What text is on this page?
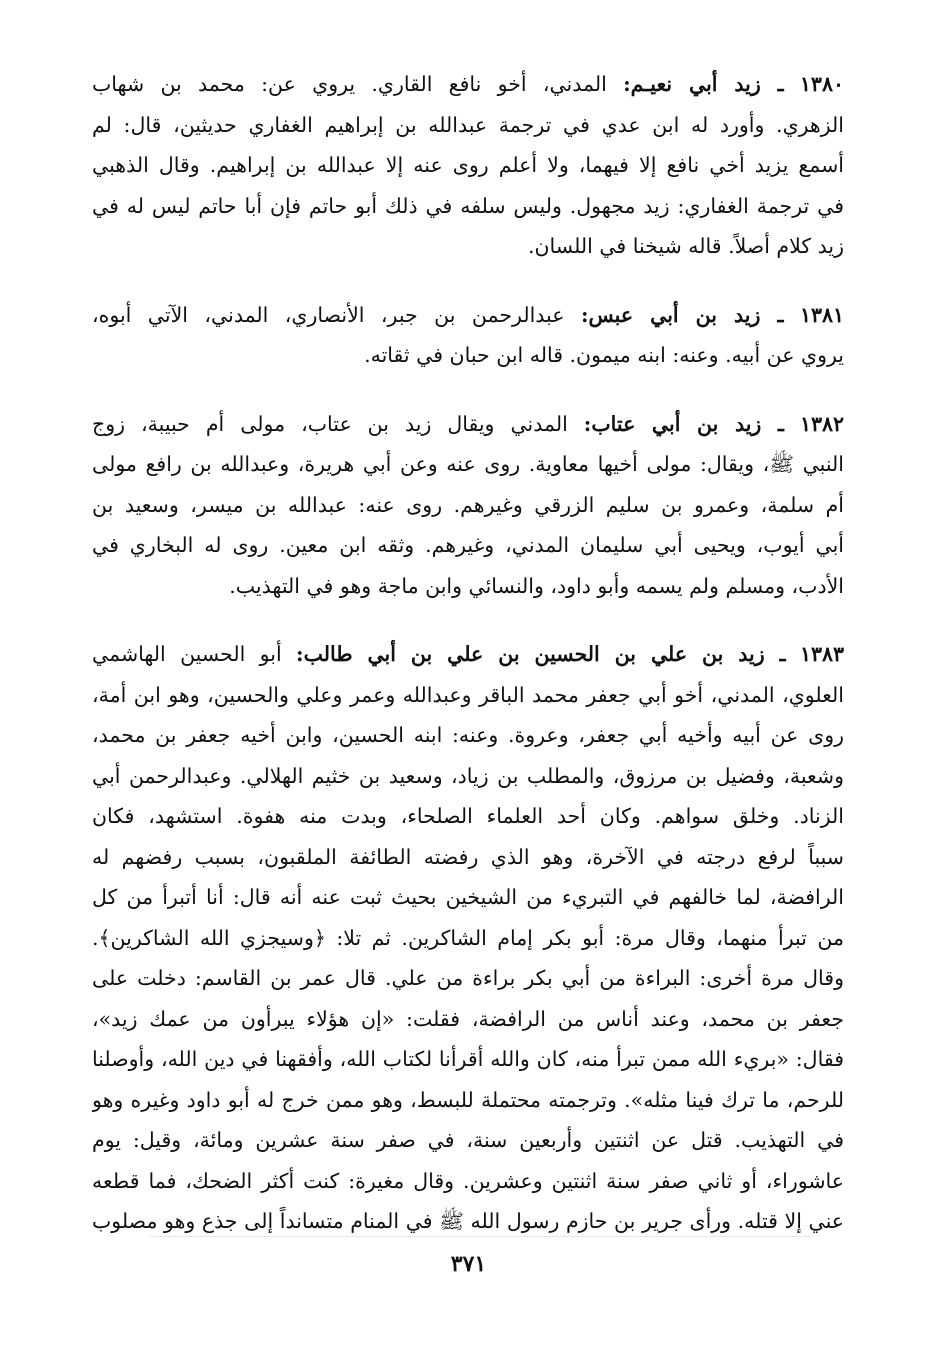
١٣٨٠ ـ زيد أبي نعيـم: المدني، أخو نافع القاري. يروي عن: محمد بن شهاب
الزهري. وأورد له ابن عدي في ترجمة عبدالله بن إبراهيم الغفاري حديثين، قال: لم
أسمع يزيد أخي نافع إلا فيهما، ولا أعلم روى عنه إلا عبدالله بن إبراهيم. وقال الذهبي
في ترجمة الغفاري: زيد مجهول. وليس سلفه في ذلك أبو حاتم فإن أبا حاتم ليس له في
زيد كلام أصلاً. قاله شيخنا في اللسان.
١٣٨١ ـ زيد بن أبي عبس: عبدالرحمن بن جبر، الأنصاري، المدني، الآتي أبوه،
يروي عن أبيه. وعنه: ابنه ميمون. قاله ابن حبان في ثقاته.
١٣٨٢ ـ زيد بن أبي عتاب: المدني ويقال زيد بن عتاب، مولى أم حبيبة، زوج
النبي ﷺ، ويقال: مولى أخيها معاوية. روى عنه وعن أبي هريرة، وعبدالله بن رافع مولى
أم سلمة، وعمرو بن سليم الزرقي وغيرهم. روى عنه: عبدالله بن ميسر، وسعيد بن
أبي أيوب، ويحيى أبي سليمان المدني، وغيرهم. وثقه ابن معين. روى له البخاري في
الأدب، ومسلم ولم يسمه وأبو داود، والنسائي وابن ماجة وهو في التهذيب.
١٣٨٣ ـ زيد بن علي بن الحسين بن علي بن أبي طالب: أبو الحسين الهاشمي
العلوي، المدني، أخو أبي جعفر محمد الباقر وعبدالله وعمر وعلي والحسين، وهو ابن أمة،
روى عن أبيه وأخيه أبي جعفر، وعروة. وعنه: ابنه الحسين، وابن أخيه جعفر بن محمد،
وشعبة، وفضيل بن مرزوق، والمطلب بن زياد، وسعيد بن خثيم الهلالي. وعبدالرحمن أبي
الزناد. وخلق سواهم. وكان أحد العلماء الصلحاء، وبدت منه هفوة. استشهد، فكان
سبباً لرفع درجته في الآخرة، وهو الذي رفضته الطائفة الملقبون، بسبب رفضهم له
الرافضة، لما خالفهم في التبريء من الشيخين بحيث ثبت عنه أنه قال: أنا أتبرأ من كل
من تبرأ منهما، وقال مرة: أبو بكر إمام الشاكرين. ثم تلا: ﴿وسيجزي الله الشاكرين﴾.
وقال مرة أخرى: البراءة من أبي بكر براءة من علي. قال عمر بن القاسم: دخلت على
جعفر بن محمد، وعند أناس من الرافضة، فقلت: «إن هؤلاء يبرأون من عمك زيد»،
فقال: «بريء الله ممن تبرأ منه، كان والله أقرأنا لكتاب الله، وأفقهنا في دين الله، وأوصلنا
للرحم، ما ترك فينا مثله». وترجمته محتملة للبسط، وهو ممن خرج له أبو داود وغيره وهو
في التهذيب. قتل عن اثنتين وأربعين سنة، في صفر سنة عشرين ومائة، وقيل: يوم
عاشوراء، أو ثاني صفر سنة اثنتين وعشرين. وقال مغيرة: كنت أكثر الضحك، فما قطعه
عني إلا قتله. ورأى جرير بن حازم رسول الله ﷺ في المنام متسانداً إلى جذع وهو مصلوب
٣٧١
